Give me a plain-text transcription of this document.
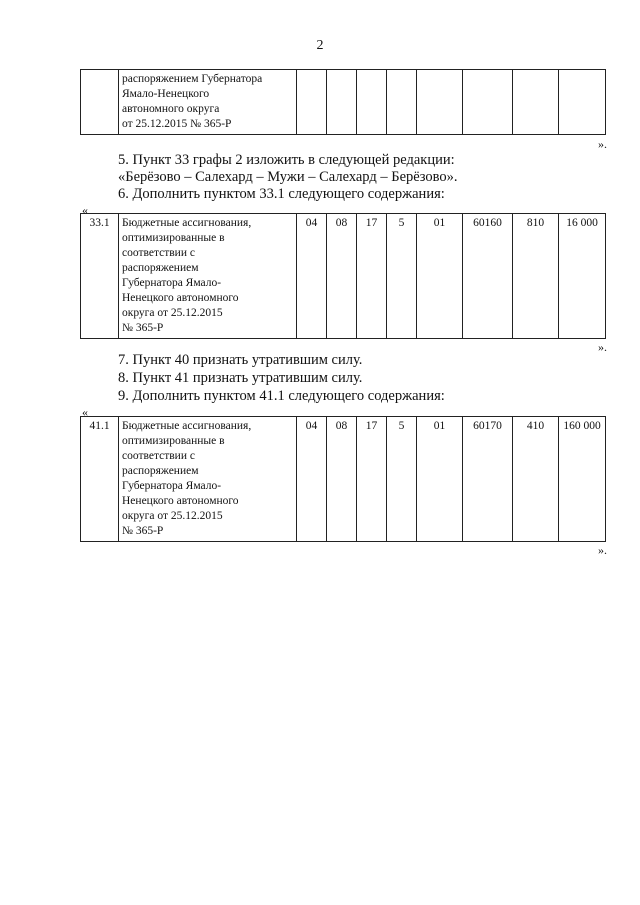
2

распоряжением Губернатора
Ямало-Ненецкого
автономного округа
от 25.12.2015 № 365-Р

».
5. Пункт 33 графы 2 изложить в следующей редакции:
«Берёзово – Салехард – Мужи – Салехард – Берёзово».
6. Дополнить пунктом 33.1 следующего содержания:
«
33.1	Бюджетные ассигнования,
оптимизированные в
соответствии с
распоряжением
Губернатора Ямало-
Ненецкого автономного
округа от 25.12.2015
№ 365-Р
	04	08	17	5	01	60160	810	16 000
».
7. Пункт 40 признать утратившим силу.
8. Пункт 41 признать утратившим силу.
9. Дополнить пунктом 41.1 следующего содержания:
«
41.1	Бюджетные ассигнования,
оптимизированные в
соответствии с
распоряжением
Губернатора Ямало-
Ненецкого автономного
округа от 25.12.2015
№ 365-Р
	04	08	17	5	01	60170	410	160 000
».
